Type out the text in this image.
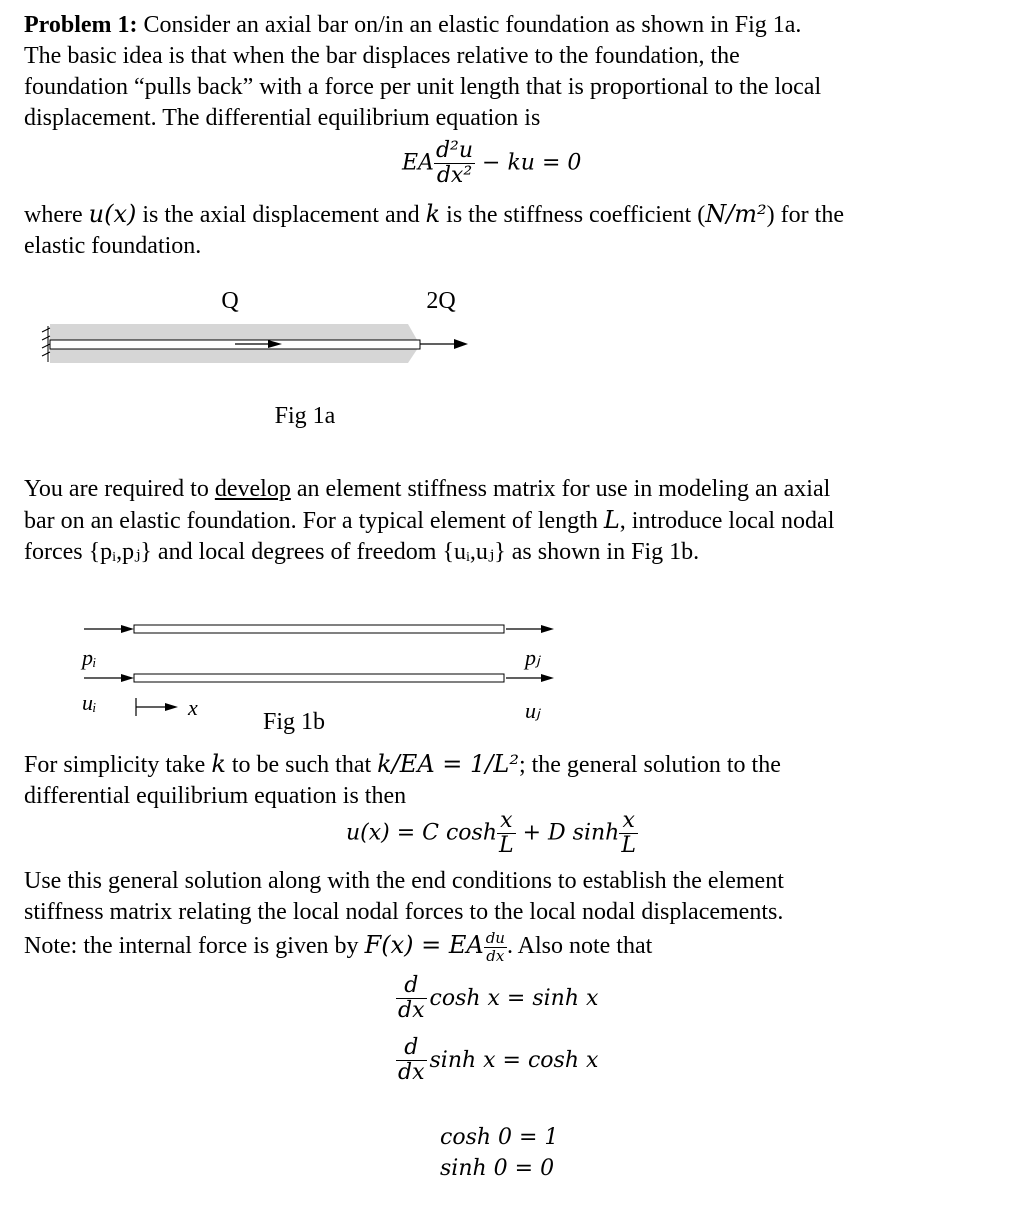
Problem 1: Consider an axial bar on/in an elastic foundation as shown in Fig 1a.
The basic idea is that when the bar displaces relative to the foundation, the
foundation “pulls back” with a force per unit length that is proportional to the local
displacement. The differential equilibrium equation is
EA $\frac{\text{d²u}}{\text{dx²}}$ − ku = 0
where u(x) is the axial displacement and k is the stiffness coefficient (N/m²) for the
elastic foundation.
Q	2Q
Fig 1a
You are required to develop an element stiffness matrix for use in modeling an axial
bar on an elastic foundation. For a typical element of length L, introduce local nodal
forces {pᵢ,pⱼ} and local degrees of freedom {uᵢ,uⱼ} as shown in Fig 1b.
pᵢ	pⱼ
uᵢ	uⱼ
x
Fig 1b
For simplicity take k to be such that k/EA = 1/L²; the general solution to the
differential equilibrium equation is then
u(x) = C $\cosh \frac{x}{L} + D$ $\sinh \frac{x}{L}$
Use this general solution along with the end conditions to establish the element
stiffness matrix relating the local nodal forces to the local nodal displacements.
Note: the internal force is given by F(x) = EA $\frac{du}{dx}$ . Also note that
$\frac{d}{dx}$ cosh x = sinh x
$\frac{d}{dx}$ sinh x = cosh x
cosh 0 = 1
sinh 0 = 0
